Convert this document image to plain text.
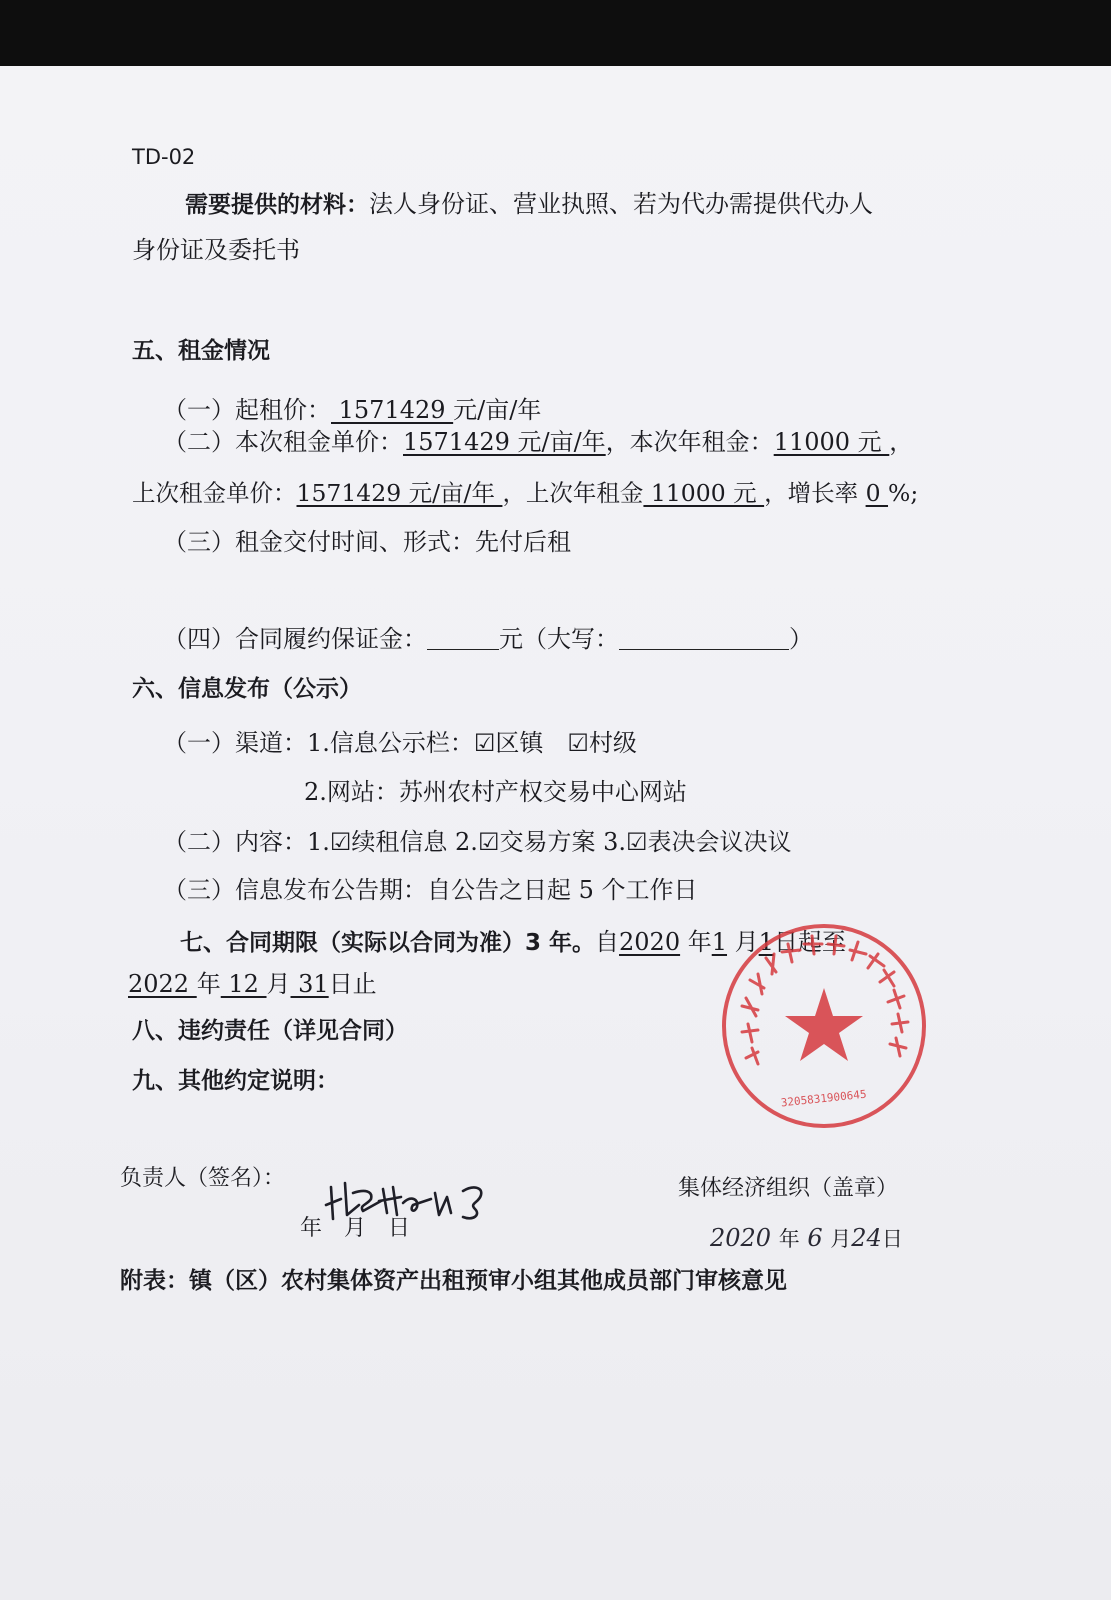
TD-02
需要提供的材料：法人身份证、营业执照、若为代办需提供代办人
身份证及委托书
五、租金情况
（一）起租价： 1571429 元/亩/年
（二）本次租金单价：1571429 元/亩/年，本次年租金：11000 元 ，
上次租金单价：1571429 元/亩/年 ，上次年租金 11000 元 ，增长率 0 %;
（三）租金交付时间、形式：先付后租
（四）合同履约保证金：	元（大写：	）
六、信息发布（公示）
（一）渠道：1.信息公示栏：☑区镇　☑村级
2.网站：苏州农村产权交易中心网站
（二）内容：1.☑续租信息 2.☑交易方案 3.☑表决会议决议
（三）信息发布公告期：自公告之日起 5 个工作日
七、合同期限（实际以合同为准）3 年。自2020 年1 月1日起至
2022 年 12 月 31日止
八、违约责任（详见合同）
九、其他约定说明：
负责人（签名）：
年　月　日
集体经济组织（盖章）
2020 年 6 月24日
附表：镇（区）农村集体资产出租预审小组其他成员部门审核意见
3205831900645
